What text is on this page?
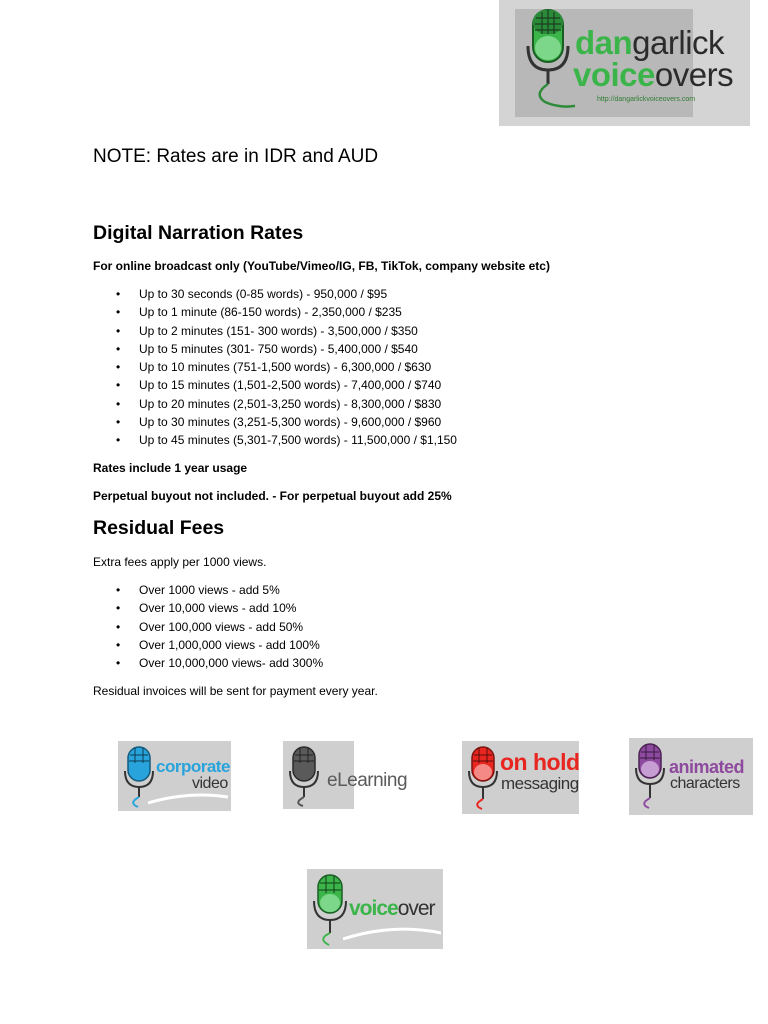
dangarlick
voiceovers
http://dangarlickvoiceovers.com
NOTE: Rates are in IDR and AUD
Digital Narration Rates
For online broadcast only (YouTube/Vimeo/IG, FB, TikTok, company website etc)
• Up to 30 seconds (0-85 words) - 950,000 / $95
• Up to 1 minute (86-150 words) - 2,350,000 / $235
• Up to 2 minutes (151- 300 words) - 3,500,000 / $350
• Up to 5 minutes (301- 750 words) - 5,400,000 / $540
• Up to 10 minutes (751-1,500 words) - 6,300,000 / $630
• Up to 15 minutes (1,501-2,500 words) - 7,400,000 / $740
• Up to 20 minutes (2,501-3,250 words) - 8,300,000 / $830
• Up to 30 minutes (3,251-5,300 words) - 9,600,000 / $960
• Up to 45 minutes (5,301-7,500 words) - 11,500,000 / $1,150
Rates include 1 year usage
Perpetual buyout not included. - For perpetual buyout add 25%
Residual Fees
Extra fees apply per 1000 views.
• Over 1000 views - add 5%
• Over 10,000 views - add 10%
• Over 100,000 views - add 50%
• Over 1,000,000 views - add 100%
• Over 10,000,000 views- add 300%
Residual invoices will be sent for payment every year.
corporate
video	eLearning
on hold
messaging
animated
characters
voiceover
